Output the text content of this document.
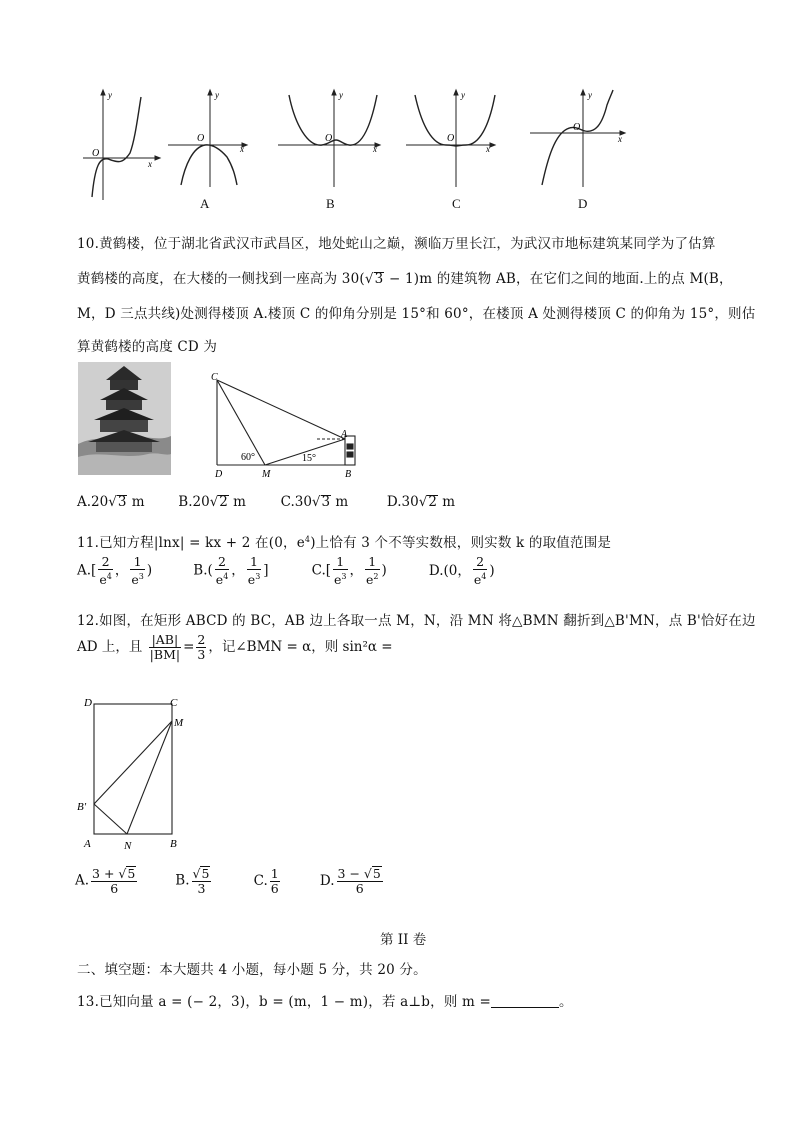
y
x
O
y
x
O
y
x
O
y
x
O
y
x
O
A	B	C	D
10.黄鹤楼，位于湖北省武汉市武昌区，地处蛇山之巅，濒临万里长江，为武汉市地标建筑某同学为了估算
黄鹤楼的高度，在大楼的一侧找到一座高为 30(√3 − 1)m 的建筑物 AB，在它们之间的地面.上的点 M(B，
M，D 三点共线)处测得楼顶 A.楼顶 C 的仰角分别是 15°和 60°，在楼顶 A 处测得楼顶 C 的仰角为 15°，则估
算黄鹤楼的高度 CD 为
C
D	M
A
B
60°	15°
A.20√3 m	B.20√2 m	C.30√3 m	D.30√2 m
11.已知方程|lnx| = kx + 2 在(0，$e^4$)上恰有 3 个不等实数根，则实数 k 的取值范围是
$A.[ \frac{2}{e^4}$ ， $\frac{1}{e^3}$ )	$B.( \frac{2}{e^4}$ ， $\frac{1}{e^3}$ ]	$C.[ \frac{1}{e^3}$ ， $\frac{1}{e^2}$ )	D.(0， $\frac{2}{e^4}$ )
12.如图，在矩形 ABCD 的 BC，AB 边上各取一点 M，N，沿 MN 将△BMN 翻折到△B'MN，点 B'恰好在边
AD 上，且 $\frac{|AB|}{|BM|} = \frac{2}{3}$ ，记∠BMN = α，则 sin²α =
D	C
M
B'
A	N	B
A. $\frac{3 + √5}{6}$	B. $\frac{√5}{3}$	C. $\frac{1}{6}$	D. $\frac{3 - √5}{6}$
第 II 卷
二、填空题：本大题共 4 小题，每小题 5 分，共 20 分。
13.已知向量 a = (− 2，3)，b = (m，1 − m)，若 a⊥b，则 m =	。
